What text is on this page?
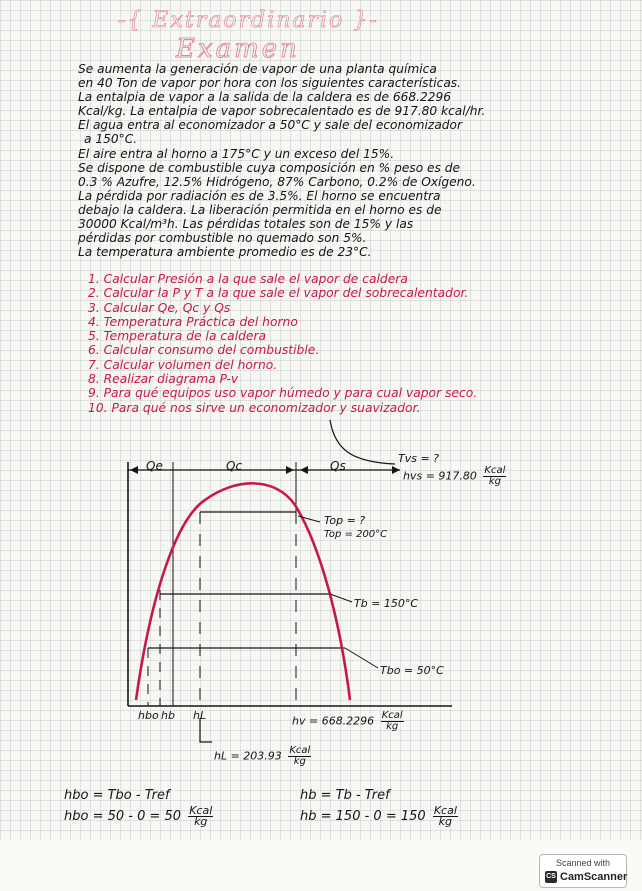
-{ Extraordinario }-
Examen
Se aumenta la generación de vapor de una planta química
en 40 Ton de vapor por hora con los siguientes características.
La entalpia de vapor a la salida de la caldera es de 668.2296
Kcal/kg. La entalpia de vapor sobrecalentado es de 917.80 kcal/hr.
El agua entra al economizador a 50°C y sale del economizador
a 150°C.
El aire entra al horno a 175°C y un exceso del 15%.
Se dispone de combustible cuya composición en % peso es de
0.3 % Azufre, 12.5% Hidrógeno, 87% Carbono, 0.2% de Oxígeno.
La pérdida por radiación es de 3.5%. El horno se encuentra
debajo la caldera. La liberación permitida en el horno es de
30000 Kcal/m³h. Las pérdidas totales son de 15% y las
pérdidas por combustible no quemado son 5%.
La temperatura ambiente promedio es de 23°C.
1. Calcular Presión a la que sale el vapor de caldera
2. Calcular la P y T a la que sale el vapor del sobrecalentador.
3. Calcular Qe, Qc y Qs
4. Temperatura Práctica del horno
5. Temperatura de la caldera
6. Calcular consumo del combustible.
7. Calcular volumen del horno.
8. Realizar diagrama P-v
9. Para qué equipos uso vapor húmedo y para cual vapor seco.
10. Para qué nos sirve un economizador y suavizador.
Qe	Qc	Qs
Tvs = ?
hvs = $917.80 \frac{\text{Kcal}}{kg}$
Top = ?
Top = 200°C
Tb = 150°C
Tbo = 50°C
hbo hb hL	hv = $668.2296 \frac{\text{Kcal}}{kg}$
hL = $203.93 \frac{\text{Kcal}}{kg}$
hbo = Tbo - Tref
hbo = $50 - 0 = 50 \frac{\text{Kcal}}{kg}$
hb = Tb - Tref
hb = $150 - 0 = 150 \frac{\text{Kcal}}{kg}$
Scanned with
CS CamScanner
